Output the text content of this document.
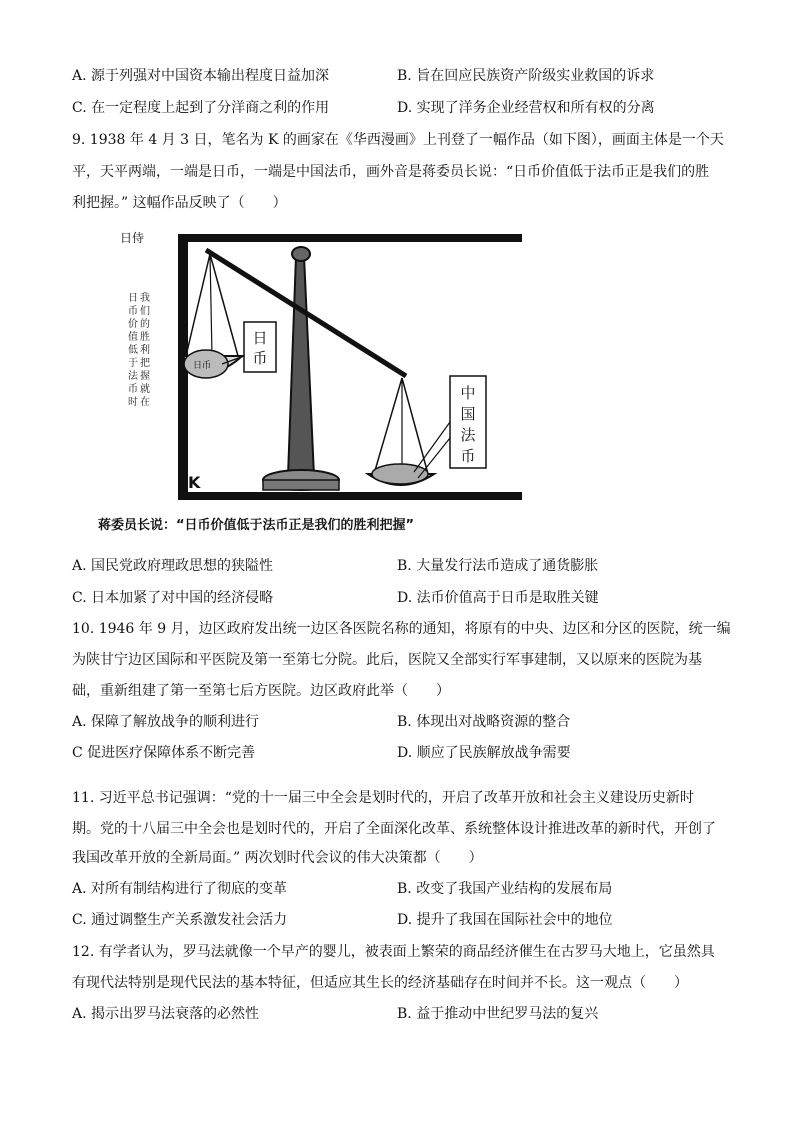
A. 源于列强对中国资本输出程度日益加深	B. 旨在回应民族资产阶级实业救国的诉求
C. 在一定程度上起到了分洋商之利的作用	D. 实现了洋务企业经营权和所有权的分离
9. 1938 年 4 月 3 日，笔名为 K 的画家在《华西漫画》上刊登了一幅作品（如下图），画面主体是一个天
平，天平两端，一端是日币，一端是中国法币，画外音是蒋委员长说：“日币价值低于法币正是我们的胜
利把握。” 这幅作品反映了（　　）
日侍
我
们
的
胜
利
把
握
就
在
日
币
价
值
低
于
法
币
时
K
日币
日
币
中
国
法
币
蒋委员长说：“日币价值低于法币正是我们的胜利把握”
A. 国民党政府理政思想的狭隘性	B. 大量发行法币造成了通货膨胀
C. 日本加紧了对中国的经济侵略	D. 法币价值高于日币是取胜关键
10. 1946 年 9 月，边区政府发出统一边区各医院名称的通知，将原有的中央、边区和分区的医院，统一编
为陕甘宁边区国际和平医院及第一至第七分院。此后，医院又全部实行军事建制，又以原来的医院为基
础，重新组建了第一至第七后方医院。边区政府此举（　　）
A. 保障了解放战争的顺利进行	B. 体现出对战略资源的整合
C 促进医疗保障体系不断完善	D. 顺应了民族解放战争需要
11. 习近平总书记强调：“党的十一届三中全会是划时代的，开启了改革开放和社会主义建设历史新时
期。党的十八届三中全会也是划时代的，开启了全面深化改革、系统整体设计推进改革的新时代，开创了
我国改革开放的全新局面。” 两次划时代会议的伟大决策都（　　）
A. 对所有制结构进行了彻底的变革	B. 改变了我国产业结构的发展布局
C. 通过调整生产关系激发社会活力	D. 提升了我国在国际社会中的地位
12. 有学者认为，罗马法就像一个早产的婴儿，被表面上繁荣的商品经济催生在古罗马大地上，它虽然具
有现代法特别是现代民法的基本特征，但适应其生长的经济基础存在时间并不长。这一观点（　　）
A. 揭示出罗马法衰落的必然性	B. 益于推动中世纪罗马法的复兴
